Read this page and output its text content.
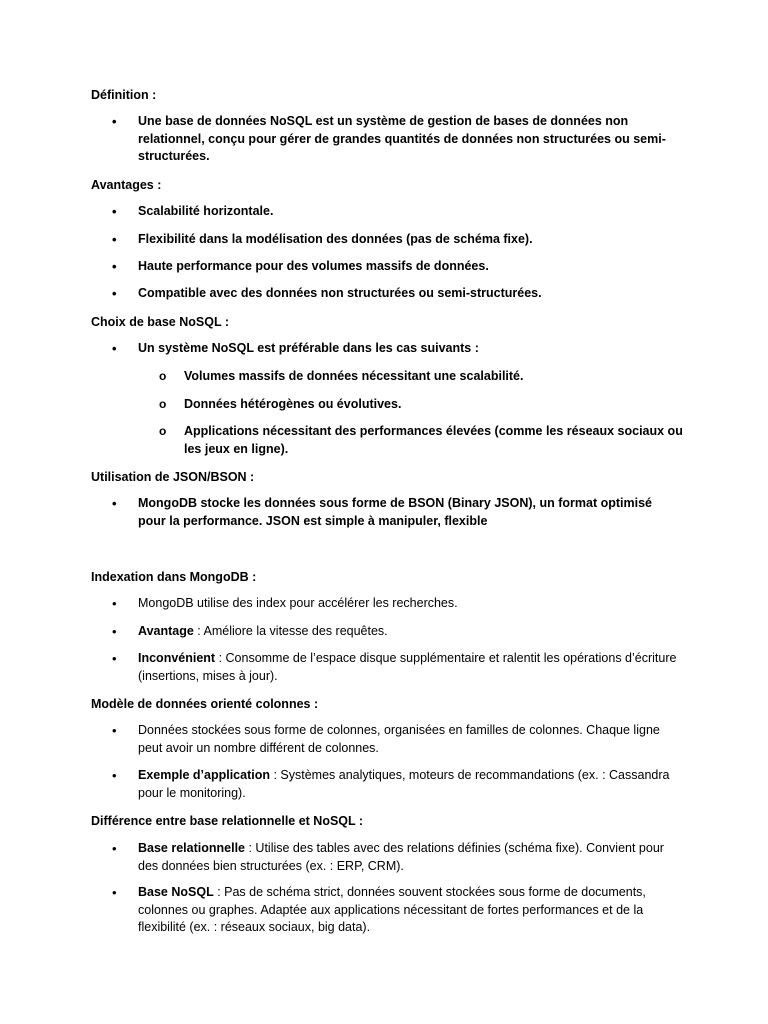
Définition :
• Une base de données NoSQL est un système de gestion de bases de données non relationnel, conçu pour gérer de grandes quantités de données non structurées ou semi-structurées.
Avantages :
• Scalabilité horizontale.
• Flexibilité dans la modélisation des données (pas de schéma fixe).
• Haute performance pour des volumes massifs de données.
• Compatible avec des données non structurées ou semi-structurées.
Choix de base NoSQL :
• Un système NoSQL est préférable dans les cas suivants :
o Volumes massifs de données nécessitant une scalabilité.
o Données hétérogènes ou évolutives.
o Applications nécessitant des performances élevées (comme les réseaux sociaux ou les jeux en ligne).
Utilisation de JSON/BSON :
• MongoDB stocke les données sous forme de BSON (Binary JSON), un format optimisé pour la performance. JSON est simple à manipuler, flexible
Indexation dans MongoDB :
• MongoDB utilise des index pour accélérer les recherches.
• Avantage : Améliore la vitesse des requêtes.
• Inconvénient : Consomme de l’espace disque supplémentaire et ralentit les opérations d’écriture (insertions, mises à jour).
Modèle de données orienté colonnes :
• Données stockées sous forme de colonnes, organisées en familles de colonnes. Chaque ligne peut avoir un nombre différent de colonnes.
• Exemple d’application : Systèmes analytiques, moteurs de recommandations (ex. : Cassandra pour le monitoring).
Différence entre base relationnelle et NoSQL :
• Base relationnelle : Utilise des tables avec des relations définies (schéma fixe). Convient pour des données bien structurées (ex. : ERP, CRM).
• Base NoSQL : Pas de schéma strict, données souvent stockées sous forme de documents, colonnes ou graphes. Adaptée aux applications nécessitant de fortes performances et de la flexibilité (ex. : réseaux sociaux, big data).
